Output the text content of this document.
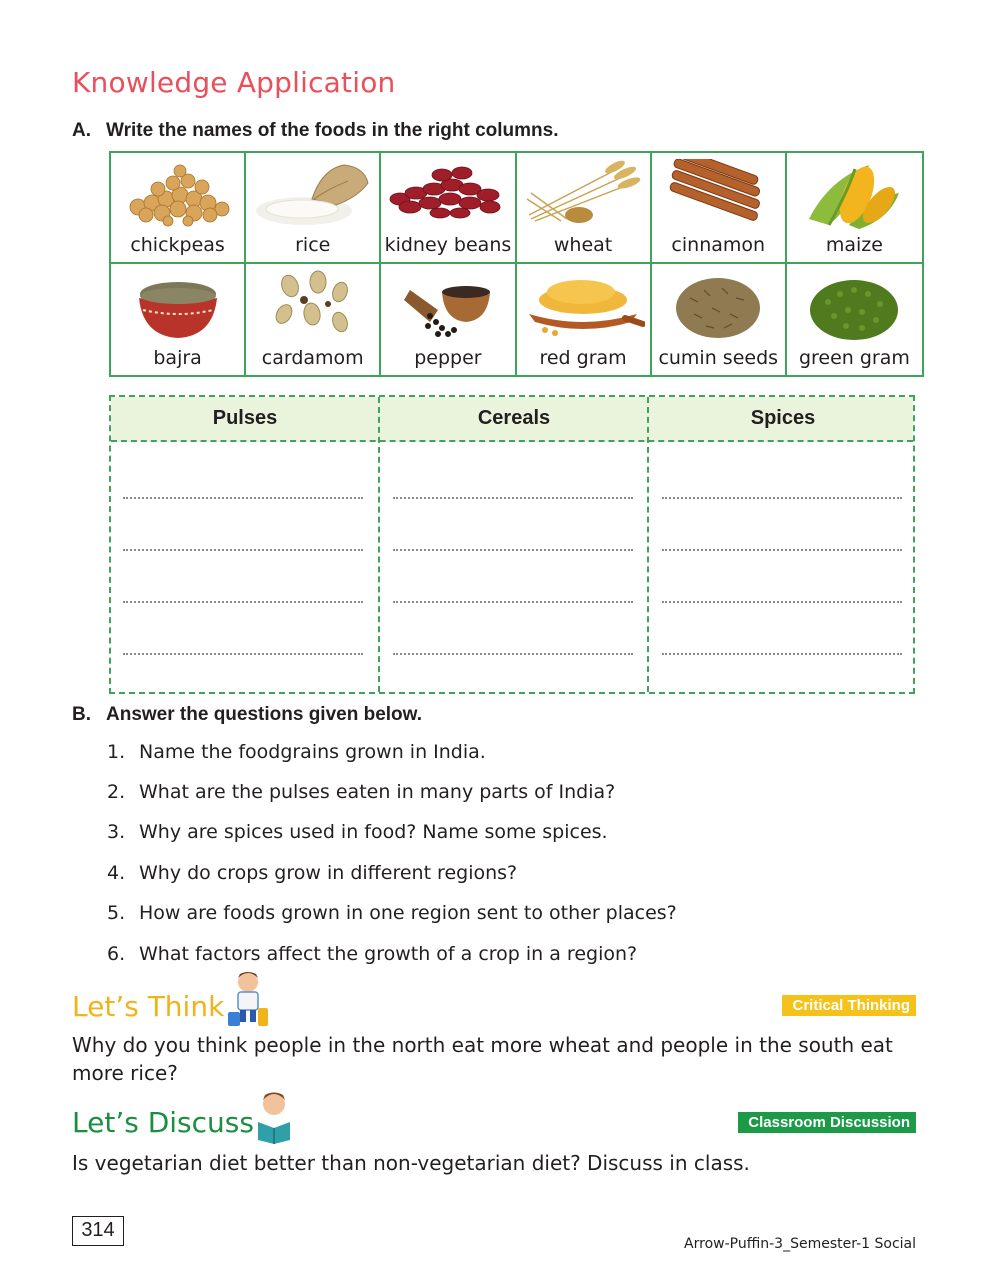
Knowledge Application
A. Write the names of the foods in the right columns.
chickpeas	rice	kidney beans	wheat	cinnamon	maize
bajra	cardamom	pepper	red gram	cumin seeds	green gram
Pulses	Cereals	Spices
B. Answer the questions given below.
1. Name the foodgrains grown in India.
2. What are the pulses eaten in many parts of India?
3. Why are spices used in food? Name some spices.
4. Why do crops grow in different regions?
5. How are foods grown in one region sent to other places?
6. What factors affect the growth of a crop in a region?
Let’s Think	Critical Thinking
Why do you think people in the north eat more wheat and people in the south eat more rice?
Let’s Discuss	Classroom Discussion
Is vegetarian diet better than non-vegetarian diet? Discuss in class.
314
Arrow-Puffin-3_Semester-1 Social
